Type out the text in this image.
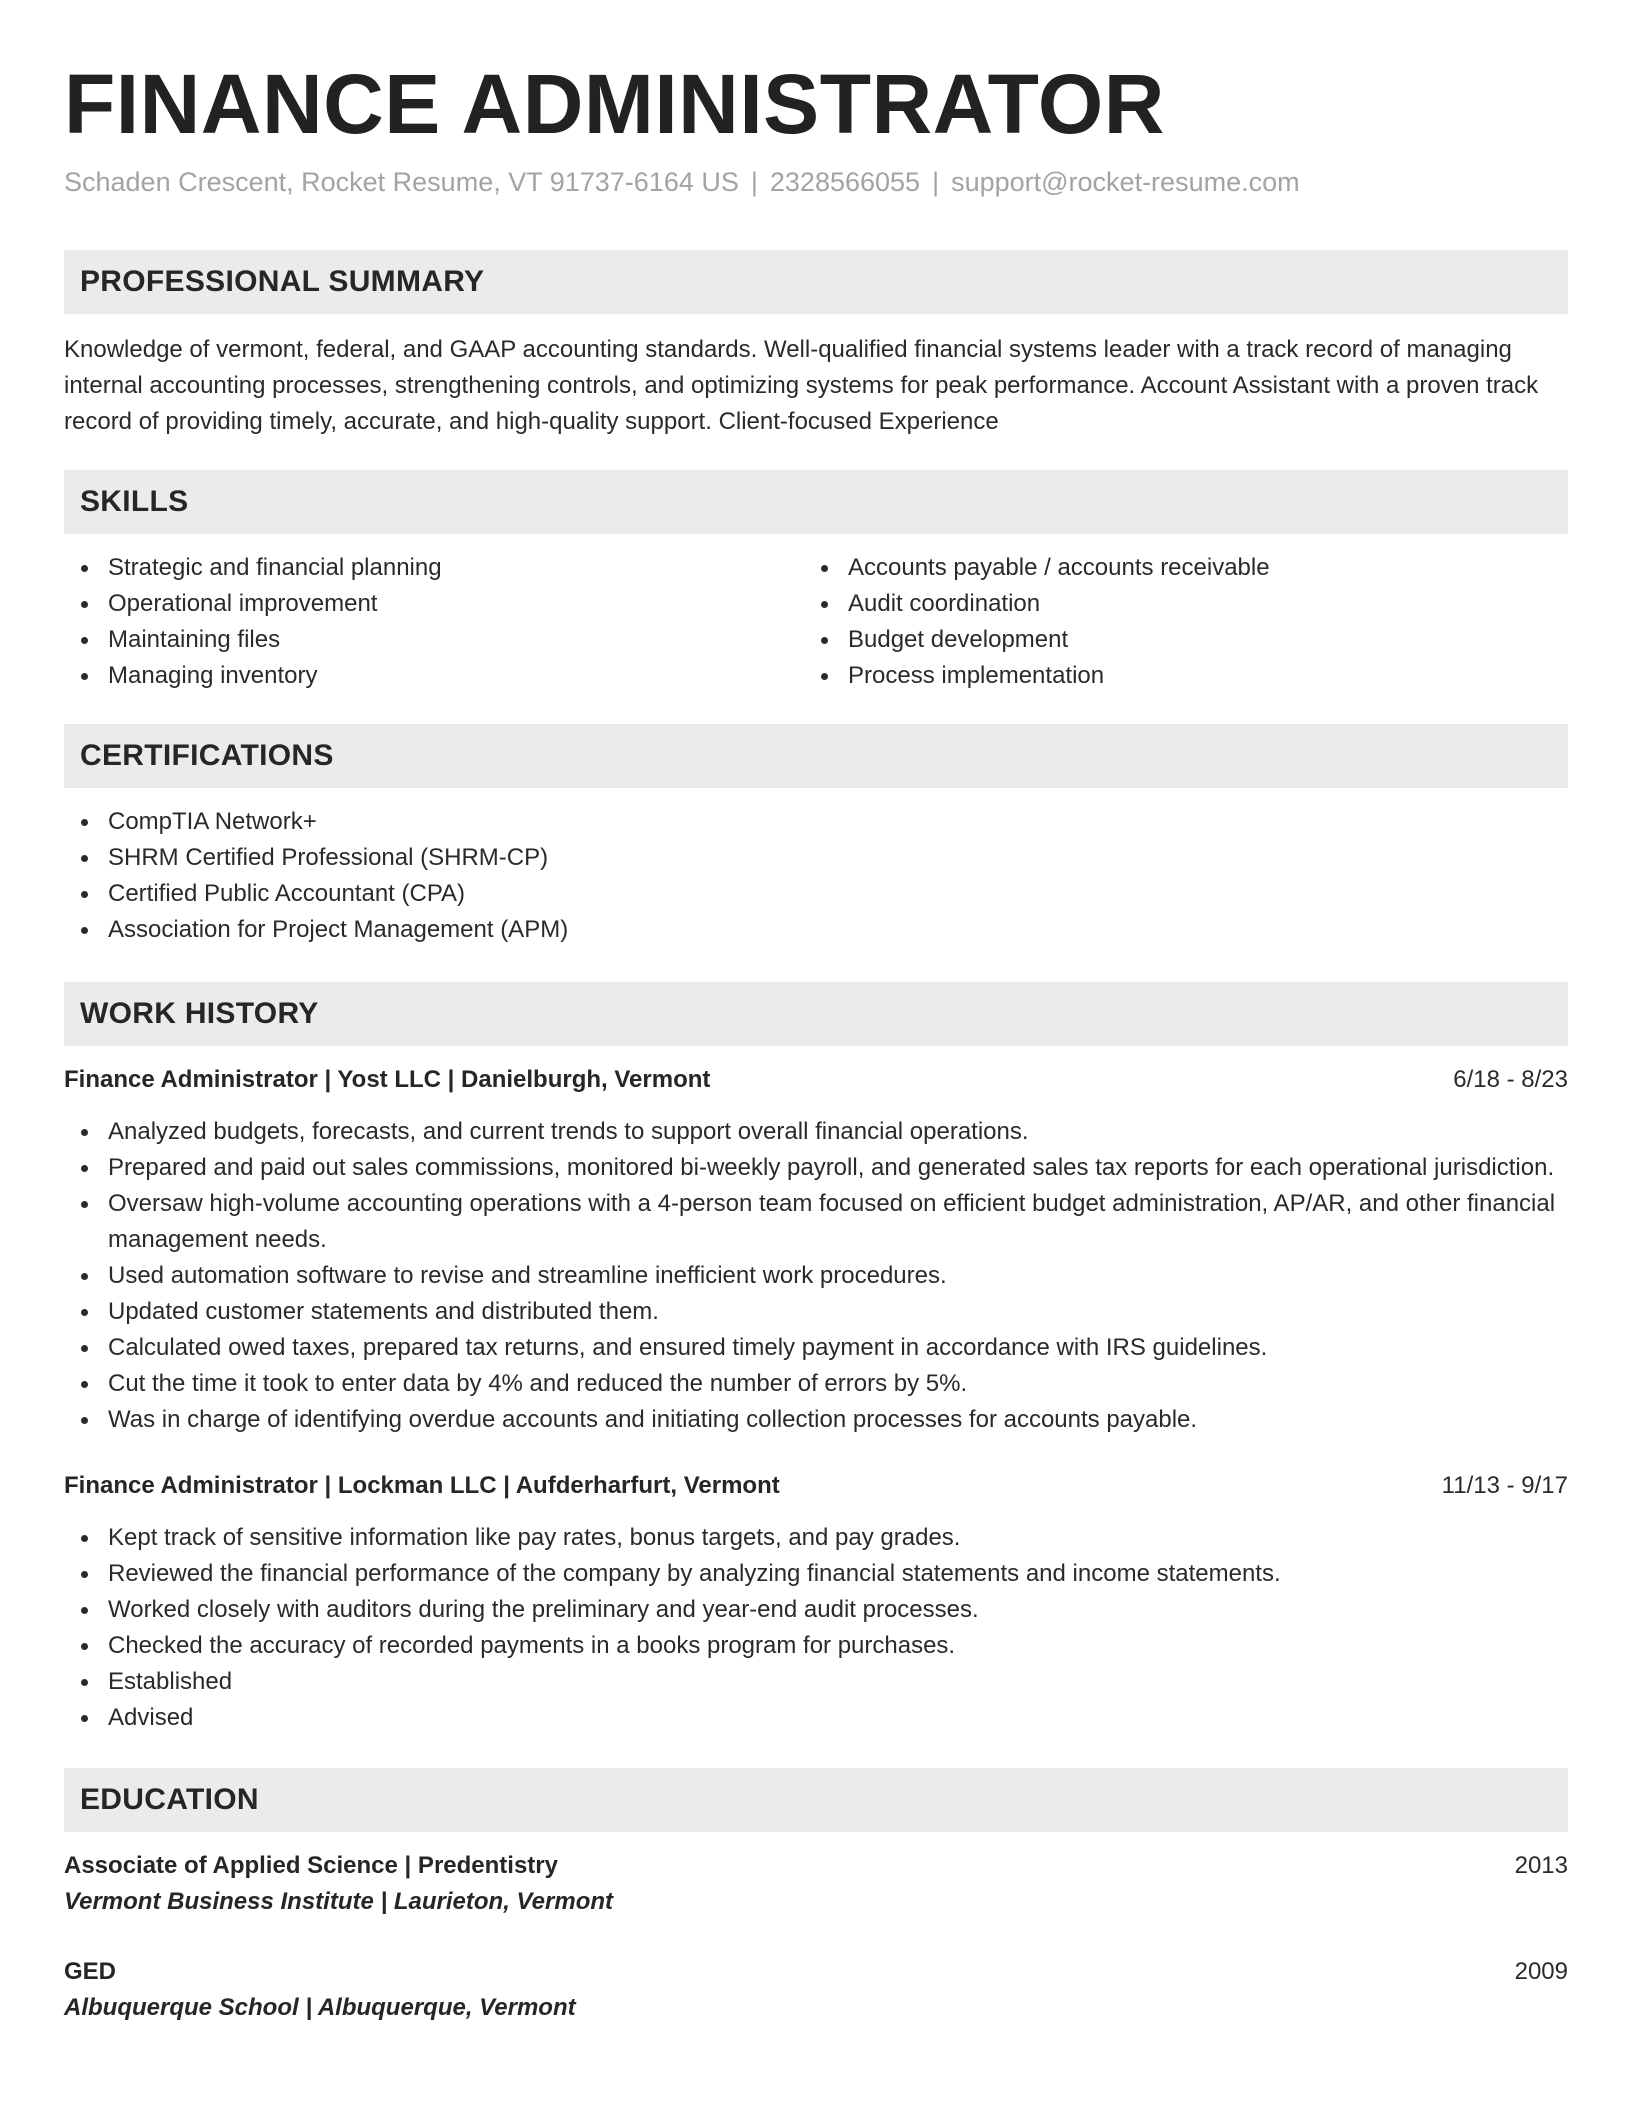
FINANCE ADMINISTRATOR
Schaden Crescent, Rocket Resume, VT 91737-6164 US | 2328566055 | support@rocket-resume.com
PROFESSIONAL SUMMARY
Knowledge of vermont, federal, and GAAP accounting standards. Well-qualified financial systems leader with a track record of managing internal accounting processes, strengthening controls, and optimizing systems for peak performance. Account Assistant with a proven track record of providing timely, accurate, and high-quality support. Client-focused Experience
SKILLS
Strategic and financial planning
Operational improvement
Maintaining files
Managing inventory
Accounts payable / accounts receivable
Audit coordination
Budget development
Process implementation
CERTIFICATIONS
CompTIA Network+
SHRM Certified Professional (SHRM-CP)
Certified Public Accountant (CPA)
Association for Project Management (APM)
WORK HISTORY
Finance Administrator | Yost LLC | Danielburgh, Vermont	6/18 - 8/23
Analyzed budgets, forecasts, and current trends to support overall financial operations.
Prepared and paid out sales commissions, monitored bi-weekly payroll, and generated sales tax reports for each operational jurisdiction.
Oversaw high-volume accounting operations with a 4-person team focused on efficient budget administration, AP/AR, and other financial management needs.
Used automation software to revise and streamline inefficient work procedures.
Updated customer statements and distributed them.
Calculated owed taxes, prepared tax returns, and ensured timely payment in accordance with IRS guidelines.
Cut the time it took to enter data by 4% and reduced the number of errors by 5%.
Was in charge of identifying overdue accounts and initiating collection processes for accounts payable.
Finance Administrator | Lockman LLC | Aufderharfurt, Vermont	11/13 - 9/17
Kept track of sensitive information like pay rates, bonus targets, and pay grades.
Reviewed the financial performance of the company by analyzing financial statements and income statements.
Worked closely with auditors during the preliminary and year-end audit processes.
Checked the accuracy of recorded payments in a books program for purchases.
Established
Advised
EDUCATION
Associate of Applied Science | Predentistry	2013
Vermont Business Institute | Laurieton, Vermont
GED	2009
Albuquerque School | Albuquerque, Vermont
